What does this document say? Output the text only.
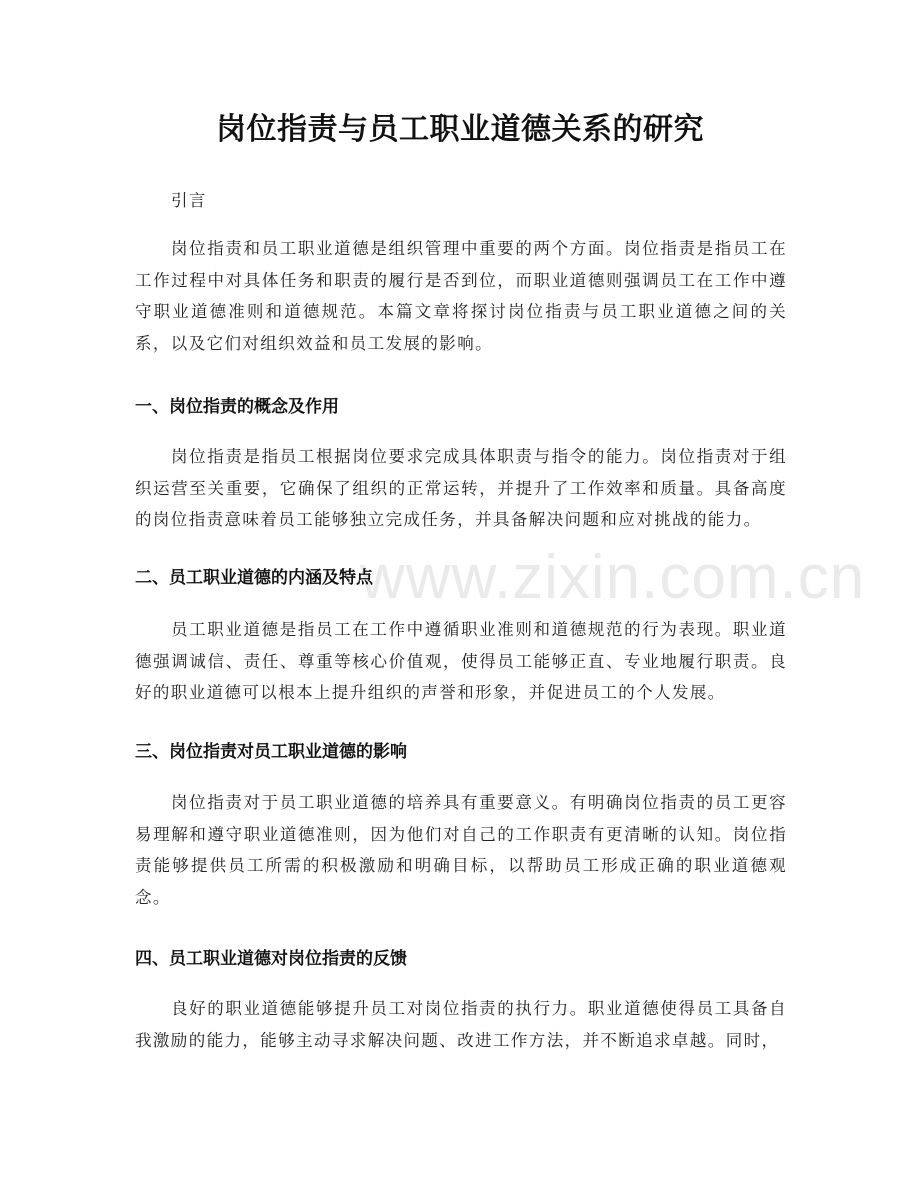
www.zixin.com.cn
岗位指责与员工职业道德关系的研究
引言
岗位指责和员工职业道德是组织管理中重要的两个方面。岗位指责是指员工在工作过程中对具体任务和职责的履行是否到位，而职业道德则强调员工在工作中遵守职业道德准则和道德规范。本篇文章将探讨岗位指责与员工职业道德之间的关系，以及它们对组织效益和员工发展的影响。
一、岗位指责的概念及作用
岗位指责是指员工根据岗位要求完成具体职责与指令的能力。岗位指责对于组织运营至关重要，它确保了组织的正常运转，并提升了工作效率和质量。具备高度的岗位指责意味着员工能够独立完成任务，并具备解决问题和应对挑战的能力。
二、员工职业道德的内涵及特点
员工职业道德是指员工在工作中遵循职业准则和道德规范的行为表现。职业道德强调诚信、责任、尊重等核心价值观，使得员工能够正直、专业地履行职责。良好的职业道德可以根本上提升组织的声誉和形象，并促进员工的个人发展。
三、岗位指责对员工职业道德的影响
岗位指责对于员工职业道德的培养具有重要意义。有明确岗位指责的员工更容易理解和遵守职业道德准则，因为他们对自己的工作职责有更清晰的认知。岗位指责能够提供员工所需的积极激励和明确目标，以帮助员工形成正确的职业道德观念。
四、员工职业道德对岗位指责的反馈
良好的职业道德能够提升员工对岗位指责的执行力。职业道德使得员工具备自我激励的能力，能够主动寻求解决问题、改进工作方法，并不断追求卓越。同时，
